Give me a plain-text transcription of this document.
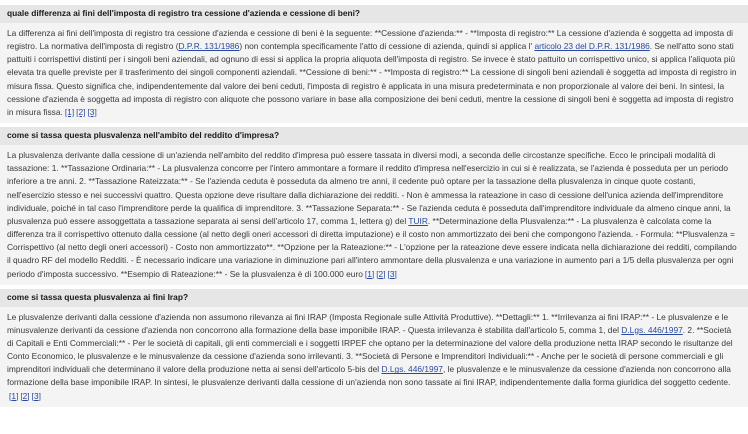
quale differenza ai fini dell'imposta di registro tra cessione d'azienda e cessione di beni?
La differenza ai fini dell'imposta di registro tra cessione d'azienda e cessione di beni è la seguente: **Cessione d'azienda:** - **Imposta di registro:** La cessione d'azienda è soggetta ad imposta di registro. La normativa dell'imposta di registro (D.P.R. 131/1986) non contempla specificamente l'atto di cessione di azienda, quindi si applica l' articolo 23 del D.P.R. 131/1986. Se nell'atto sono stati pattuiti i corrispettivi distinti per i singoli beni aziendali, ad ognuno di essi si applica la propria aliquota dell'imposta di registro. Se invece è stato pattuito un corrispettivo unico, si applica l'aliquota più elevata tra quelle previste per il trasferimento dei singoli componenti aziendali. **Cessione di beni:** - **Imposta di registro:** La cessione di singoli beni aziendali è soggetta ad imposta di registro in misura fissa. Questo significa che, indipendentemente dal valore dei beni ceduti, l'imposta di registro è applicata in una misura predeterminata e non proporzionale al valore dei beni. In sintesi, la cessione d'azienda è soggetta ad imposta di registro con aliquote che possono variare in base alla composizione dei beni ceduti, mentre la cessione di singoli beni è soggetta ad imposta di registro in misura fissa. [1] [2] [3]
come si tassa questa plusvalenza nell'ambito del reddito d'impresa?
La plusvalenza derivante dalla cessione di un'azienda nell'ambito del reddito d'impresa può essere tassata in diversi modi, a seconda delle circostanze specifiche. Ecco le principali modalità di tassazione: 1. **Tassazione Ordinaria:** - La plusvalenza concorre per l'intero ammontare a formare il reddito d'impresa nell'esercizio in cui si è realizzata, se l'azienda è posseduta per un periodo inferiore a tre anni. 2. **Tassazione Rateizzata:** - Se l'azienda ceduta è posseduta da almeno tre anni, il cedente può optare per la tassazione della plusvalenza in cinque quote costanti, nell'esercizio stesso e nei successivi quattro. Questa opzione deve risultare dalla dichiarazione dei redditi. - Non è ammessa la rateazione in caso di cessione dell'unica azienda dell'imprenditore individuale, poiché in tal caso l'imprenditore perde la qualifica di imprenditore. 3. **Tassazione Separata:** - Se l'azienda ceduta è posseduta dall'imprenditore individuale da almeno cinque anni, la plusvalenza può essere assoggettata a tassazione separata ai sensi dell'articolo 17, comma 1, lettera g) del TUIR. **Determinazione della Plusvalenza:** - La plusvalenza è calcolata come la differenza tra il corrispettivo ottenuto dalla cessione (al netto degli oneri accessori di diretta imputazione) e il costo non ammortizzato dei beni che compongono l'azienda. - Formula: **Plusvalenza = Corrispettivo (al netto degli oneri accessori) - Costo non ammortizzato**. **Opzione per la Rateazione:** - L'opzione per la rateazione deve essere indicata nella dichiarazione dei redditi, compilando il quadro RF del modello Redditi. - È necessario indicare una variazione in diminuzione pari all'intero ammontare della plusvalenza e una variazione in aumento pari a 1/5 della plusvalenza per ogni periodo d'imposta successivo. **Esempio di Rateazione:** - Se la plusvalenza è di 100.000 euro [1] [2] [3]
come si tassa questa plusvalenza ai fini Irap?
Le plusvalenze derivanti dalla cessione d'azienda non assumono rilevanza ai fini IRAP (Imposta Regionale sulle Attività Produttive). **Dettagli:** 1. **Irrilevanza ai fini IRAP:** - Le plusvalenze e le minusvalenze derivanti da cessione d'azienda non concorrono alla formazione della base imponibile IRAP. - Questa irrilevanza è stabilita dall'articolo 5, comma 1, del D.Lgs. 446/1997. 2. **Società di Capitali e Enti Commerciali:** - Per le società di capitali, gli enti commerciali e i soggetti IRPEF che optano per la determinazione del valore della produzione netta IRAP secondo le risultanze del Conto Economico, le plusvalenze e le minusvalenze da cessione d'azienda sono irrilevanti. 3. **Società di Persone e Imprenditori Individuali:** - Anche per le società di persone commerciali e gli imprenditori individuali che determinano il valore della produzione netta ai sensi dell'articolo 5-bis del D.Lgs. 446/1997, le plusvalenze e le minusvalenze da cessione d'azienda non concorrono alla formazione della base imponibile IRAP. In sintesi, le plusvalenze derivanti dalla cessione di un'azienda non sono tassate ai fini IRAP, indipendentemente dalla forma giuridica del soggetto cedente.[1] [2] [3]
